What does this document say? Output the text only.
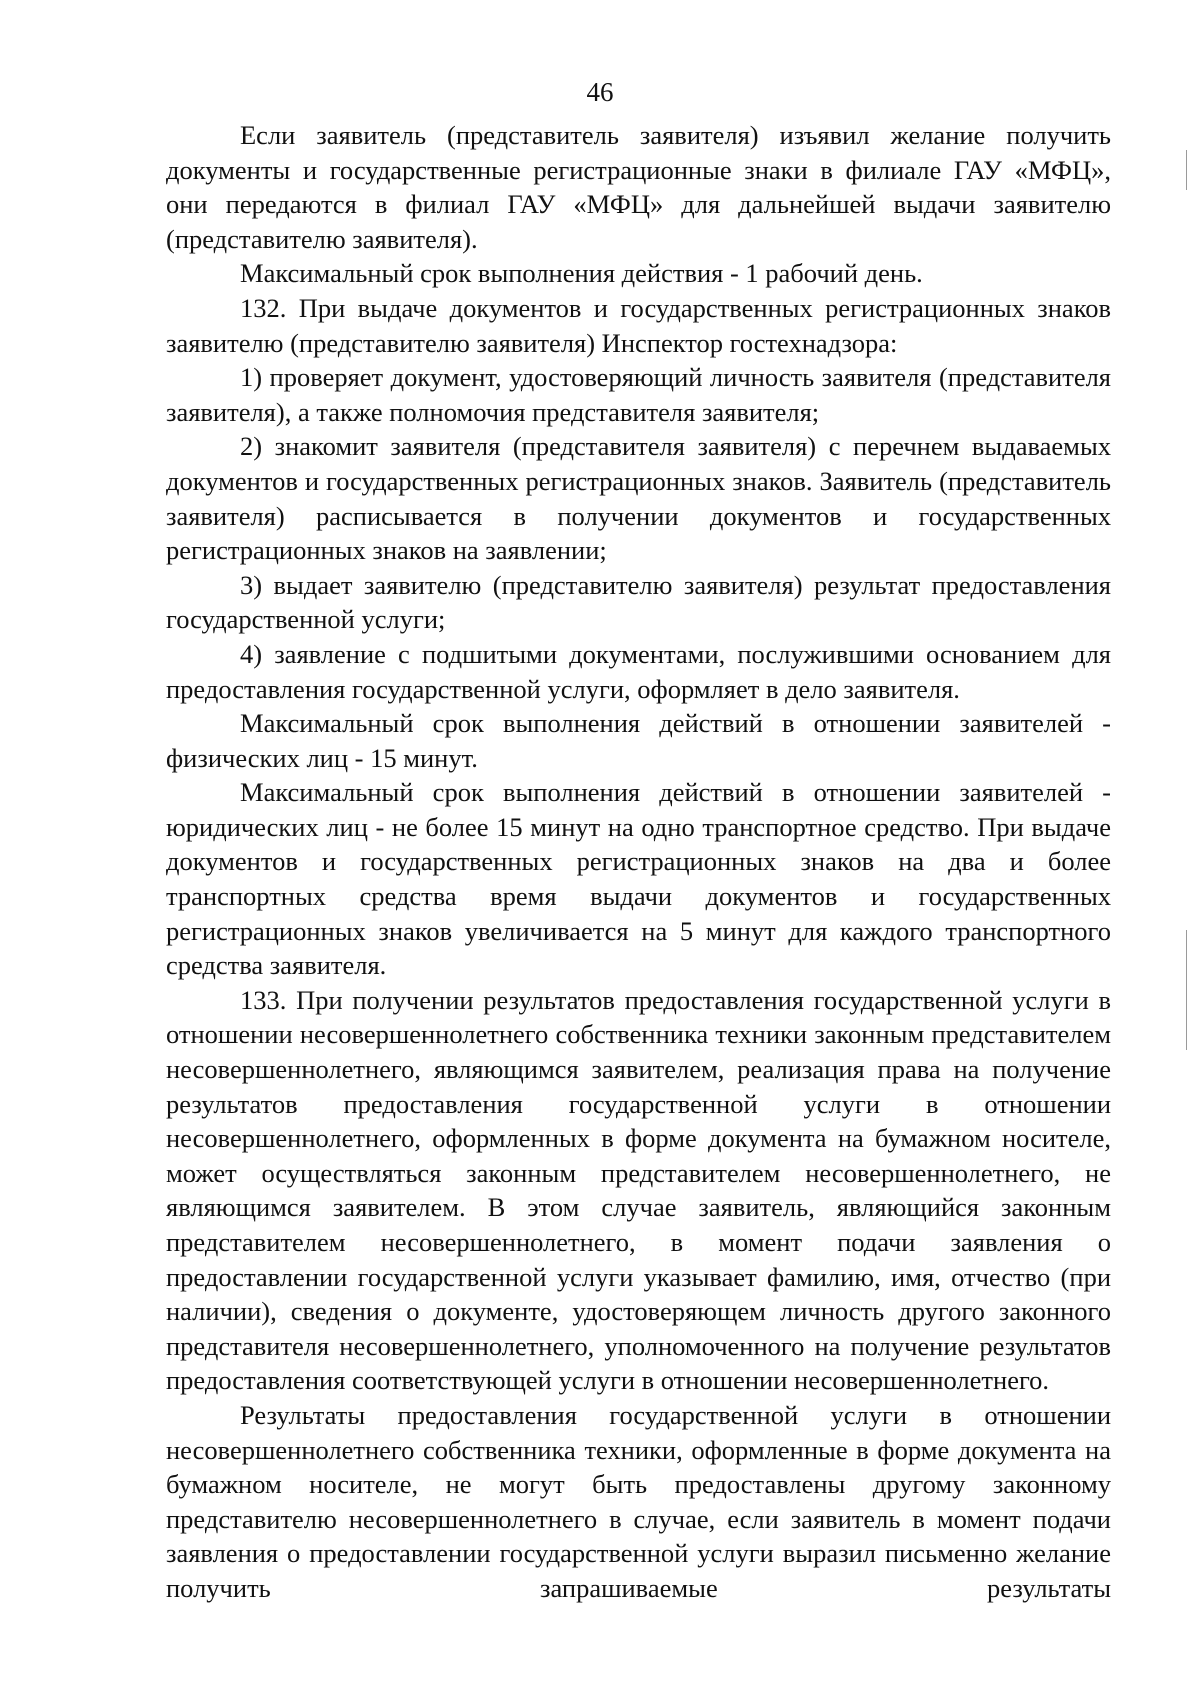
46

Если заявитель (представитель заявителя) изъявил желание получить документы и государственные регистрационные знаки в филиале ГАУ «МФЦ», они передаются в филиал ГАУ «МФЦ» для дальнейшей выдачи заявителю (представителю заявителя).

Максимальный срок выполнения действия - 1 рабочий день.

132. При выдаче документов и государственных регистрационных знаков заявителю (представителю заявителя) Инспектор гостехнадзора:

1) проверяет документ, удостоверяющий личность заявителя (представителя заявителя), а также полномочия представителя заявителя;

2) знакомит заявителя (представителя заявителя) с перечнем выдаваемых документов и государственных регистрационных знаков. Заявитель (представитель заявителя) расписывается в получении документов и государственных регистрационных знаков на заявлении;

3) выдает заявителю (представителю заявителя) результат предоставления государственной услуги;

4) заявление с подшитыми документами, послужившими основанием для предоставления государственной услуги, оформляет в дело заявителя.

Максимальный срок выполнения действий в отношении заявителей - физических лиц - 15 минут.

Максимальный срок выполнения действий в отношении заявителей - юридических лиц - не более 15 минут на одно транспортное средство. При выдаче документов и государственных регистрационных знаков на два и более транспортных средства время выдачи документов и государственных регистрационных знаков увеличивается на 5 минут для каждого транспортного средства заявителя.

133. При получении результатов предоставления государственной услуги в отношении несовершеннолетнего собственника техники законным представителем несовершеннолетнего, являющимся заявителем, реализация права на получение результатов предоставления государственной услуги в отношении несовершеннолетнего, оформленных в форме документа на бумажном носителе, может осуществляться законным представителем несовершеннолетнего, не являющимся заявителем. В этом случае заявитель, являющийся законным представителем несовершеннолетнего, в момент подачи заявления о предоставлении государственной услуги указывает фамилию, имя, отчество (при наличии), сведения о документе, удостоверяющем личность другого законного представителя несовершеннолетнего, уполномоченного на получение результатов предоставления соответствующей услуги в отношении несовершеннолетнего.

Результаты предоставления государственной услуги в отношении несовершеннолетнего собственника техники, оформленные в форме документа на бумажном носителе, не могут быть предоставлены другому законному представителю несовершеннолетнего в случае, если заявитель в момент подачи заявления о предоставлении государственной услуги выразил письменно желание получить запрашиваемые результаты
